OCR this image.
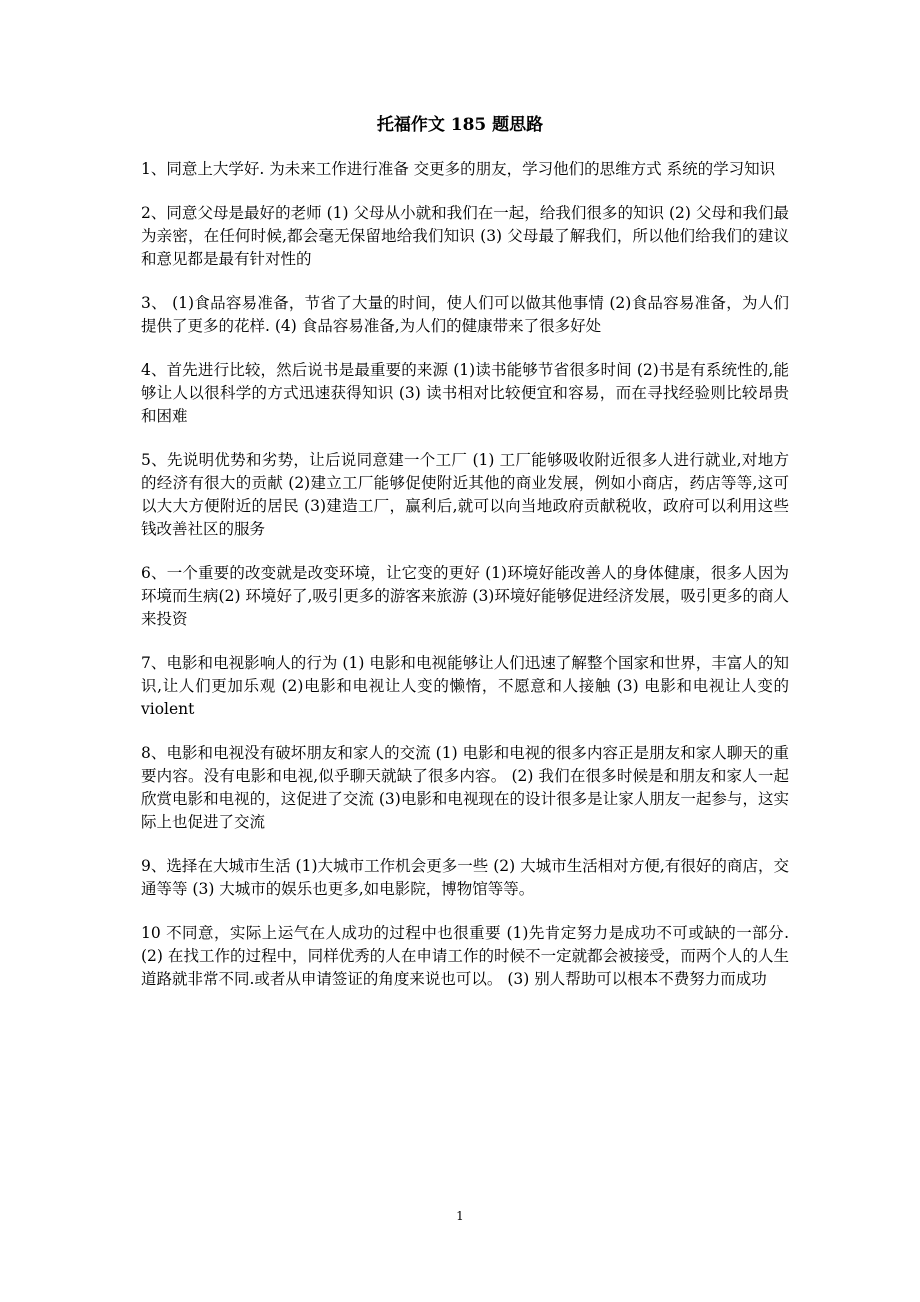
托福作文 185 题思路

1、同意上大学好. 为未来工作进行准备 交更多的朋友，学习他们的思维方式 系统的学习知识

2、同意父母是最好的老师 (1) 父母从小就和我们在一起，给我们很多的知识 (2) 父母和我们最为亲密，在任何时候,都会毫无保留地给我们知识 (3) 父母最了解我们，所以他们给我们的建议和意见都是最有针对性的

3、 (1)食品容易准备，节省了大量的时间，使人们可以做其他事情 (2)食品容易准备，为人们提供了更多的花样. (4) 食品容易准备,为人们的健康带来了很多好处

4、首先进行比较，然后说书是最重要的来源 (1)读书能够节省很多时间 (2)书是有系统性的,能够让人以很科学的方式迅速获得知识 (3) 读书相对比较便宜和容易，而在寻找经验则比较昂贵和困难

5、先说明优势和劣势，让后说同意建一个工厂 (1) 工厂能够吸收附近很多人进行就业,对地方的经济有很大的贡献 (2)建立工厂能够促使附近其他的商业发展，例如小商店，药店等等,这可以大大方便附近的居民 (3)建造工厂，赢利后,就可以向当地政府贡献税收，政府可以利用这些钱改善社区的服务

6、一个重要的改变就是改变环境，让它变的更好 (1)环境好能改善人的身体健康，很多人因为环境而生病(2) 环境好了,吸引更多的游客来旅游 (3)环境好能够促进经济发展，吸引更多的商人来投资

7、电影和电视影响人的行为 (1) 电影和电视能够让人们迅速了解整个国家和世界，丰富人的知识,让人们更加乐观 (2)电影和电视让人变的懒惰，不愿意和人接触 (3) 电影和电视让人变的 violent

8、电影和电视没有破坏朋友和家人的交流 (1) 电影和电视的很多内容正是朋友和家人聊天的重要内容。没有电影和电视,似乎聊天就缺了很多内容。 (2) 我们在很多时候是和朋友和家人一起欣赏电影和电视的，这促进了交流 (3)电影和电视现在的设计很多是让家人朋友一起参与，这实际上也促进了交流

9、选择在大城市生活 (1)大城市工作机会更多一些 (2) 大城市生活相对方便,有很好的商店，交通等等 (3) 大城市的娱乐也更多,如电影院，博物馆等等。

10 不同意，实际上运气在人成功的过程中也很重要 (1)先肯定努力是成功不可或缺的一部分. (2) 在找工作的过程中，同样优秀的人在申请工作的时候不一定就都会被接受，而两个人的人生道路就非常不同.或者从申请签证的角度来说也可以。 (3) 别人帮助可以根本不费努力而成功

1
